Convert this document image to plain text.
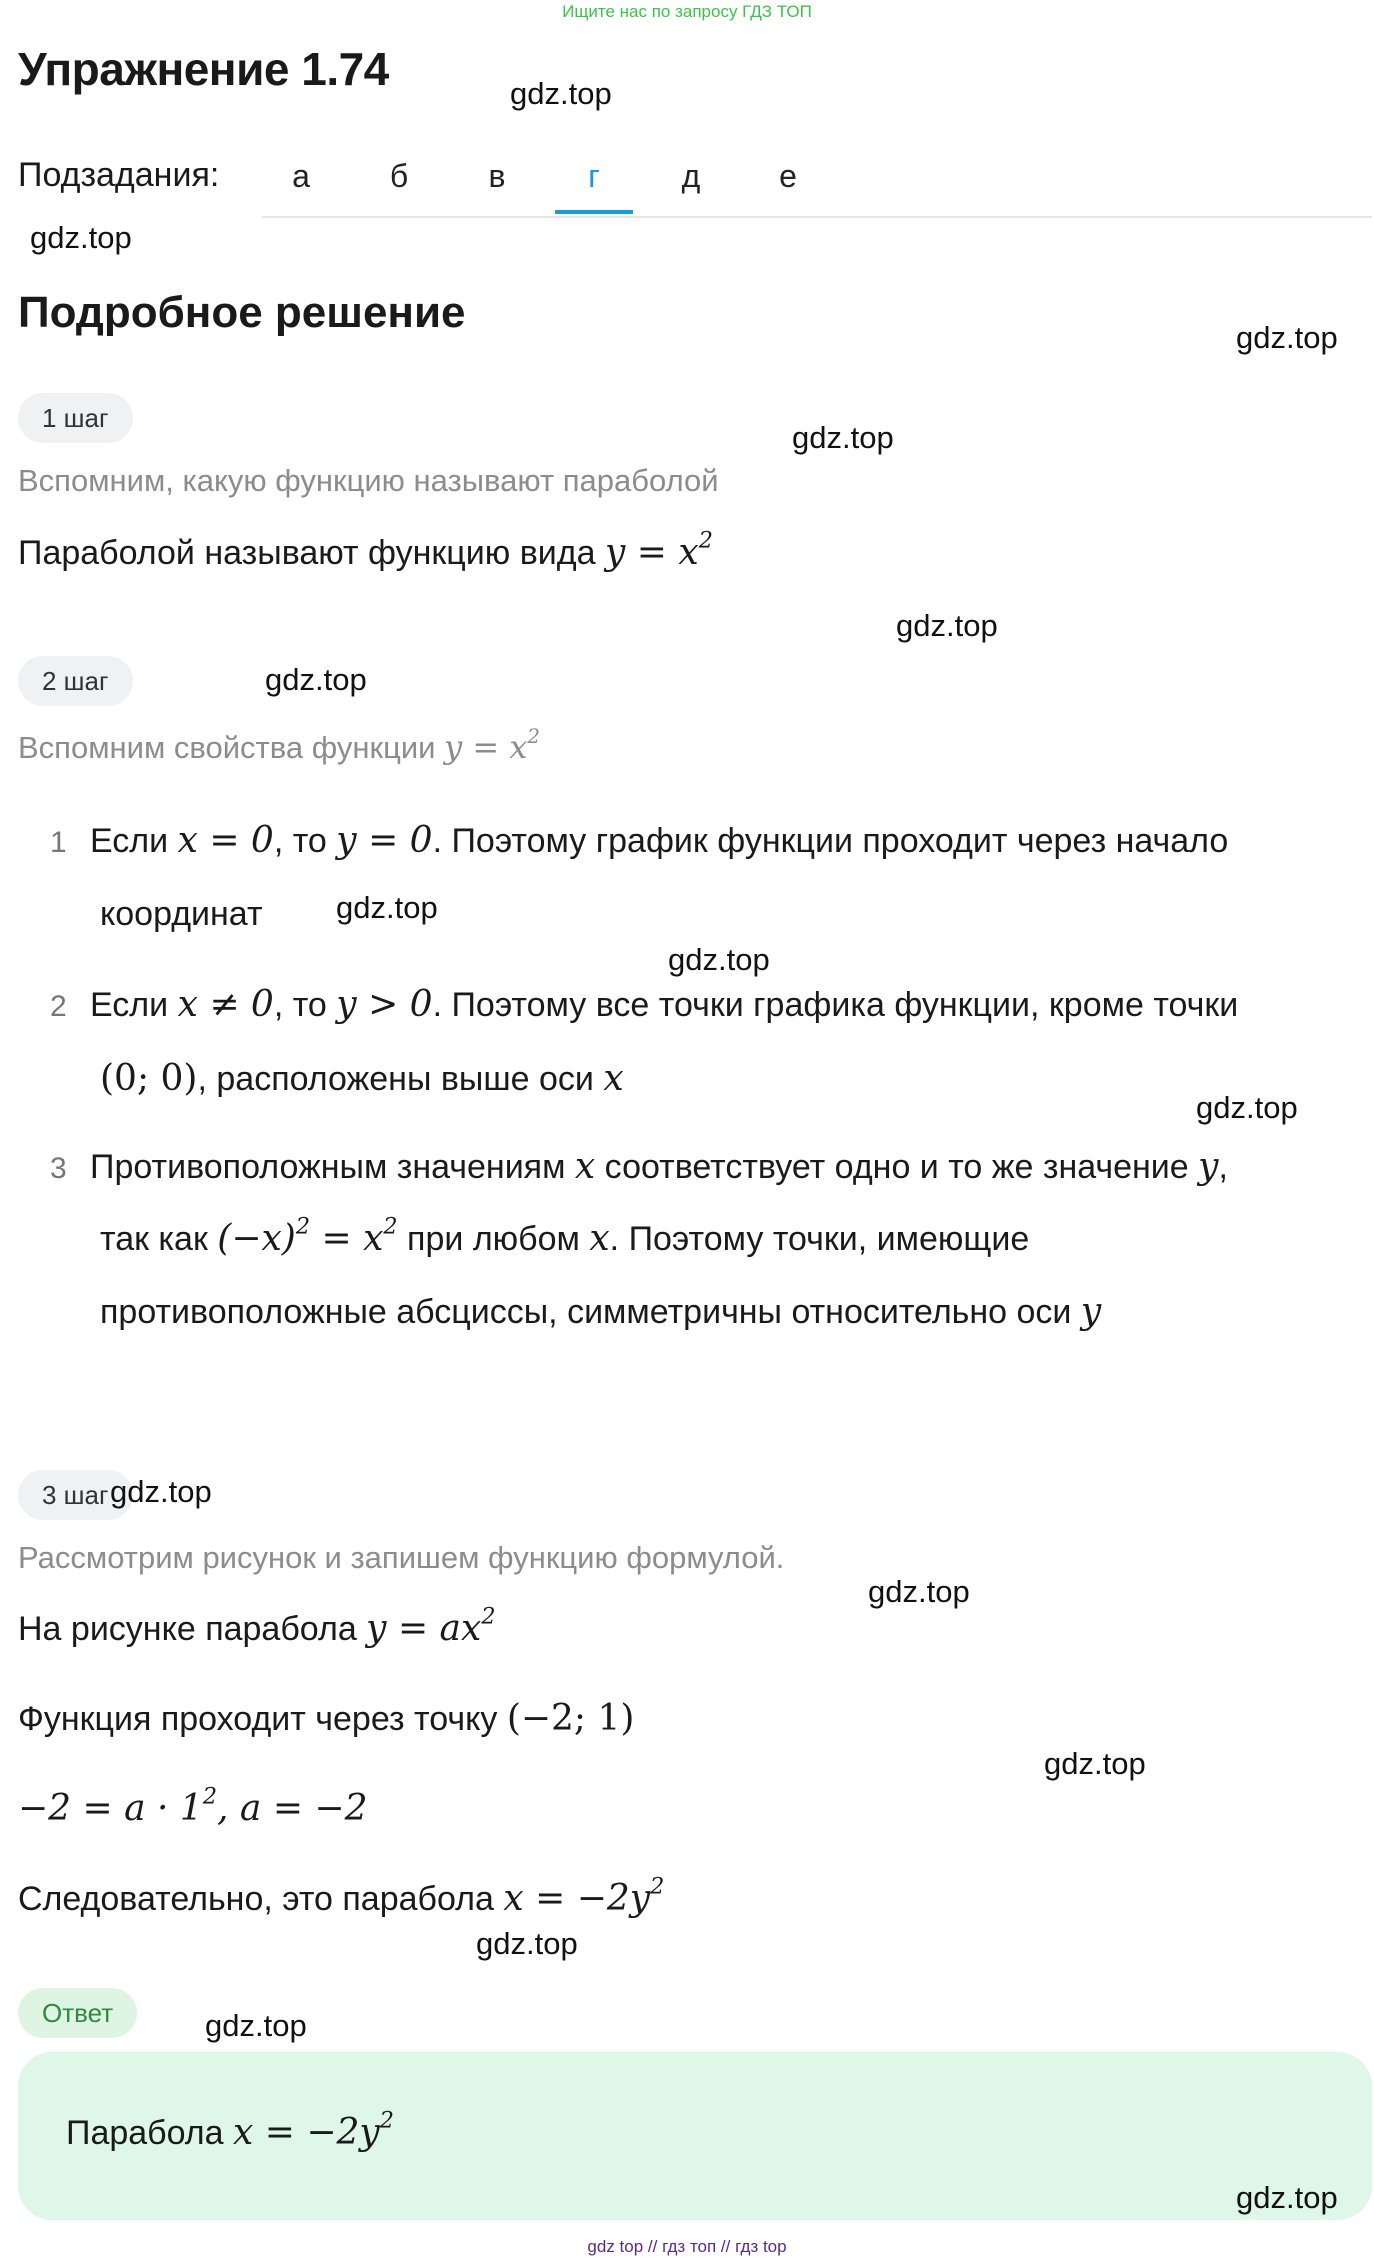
Ищите нас по запросу ГДЗ ТОП
Упражнение 1.74
Подзадания:	а	б	в	г	д	е
Подробное решение
1 шаг
Вспомним, какую функцию называют параболой
Параболой называют функцию вида $y = x^2$
2 шаг
Вспомним свойства функции $y = x^2$
1 Если x = 0, то y = 0. Поэтому график функции проходит через начало
координат
2 Если x ≠ 0, то y > 0. Поэтому все точки графика функции, кроме точки
(0; 0), расположены выше оси x
3 Противоположным значениям x соответствует одно и то же значение y,
так как $(-x)^2 = x^2$ при любом x. Поэтому точки, имеющие
противоположные абсциссы, симметричны относительно оси y
3 шаг
Рассмотрим рисунок и запишем функцию формулой.
На рисунке парабола $y = ax^2$
Функция проходит через точку (−2; 1)
$-2 = a \cdot 1^2$, a = −2
Следовательно, это парабола $x = -2y^2$
Ответ
Парабола $x = -2y^2$
gdz.top
gdz.top
gdz.top
gdz.top
gdz.top
gdz.top
gdz.top
gdz.top
gdz.top
gdz.top
gdz.top
gdz.top
gdz.top
gdz.top
gdz.top
gdz top // гдз топ // гдз top
